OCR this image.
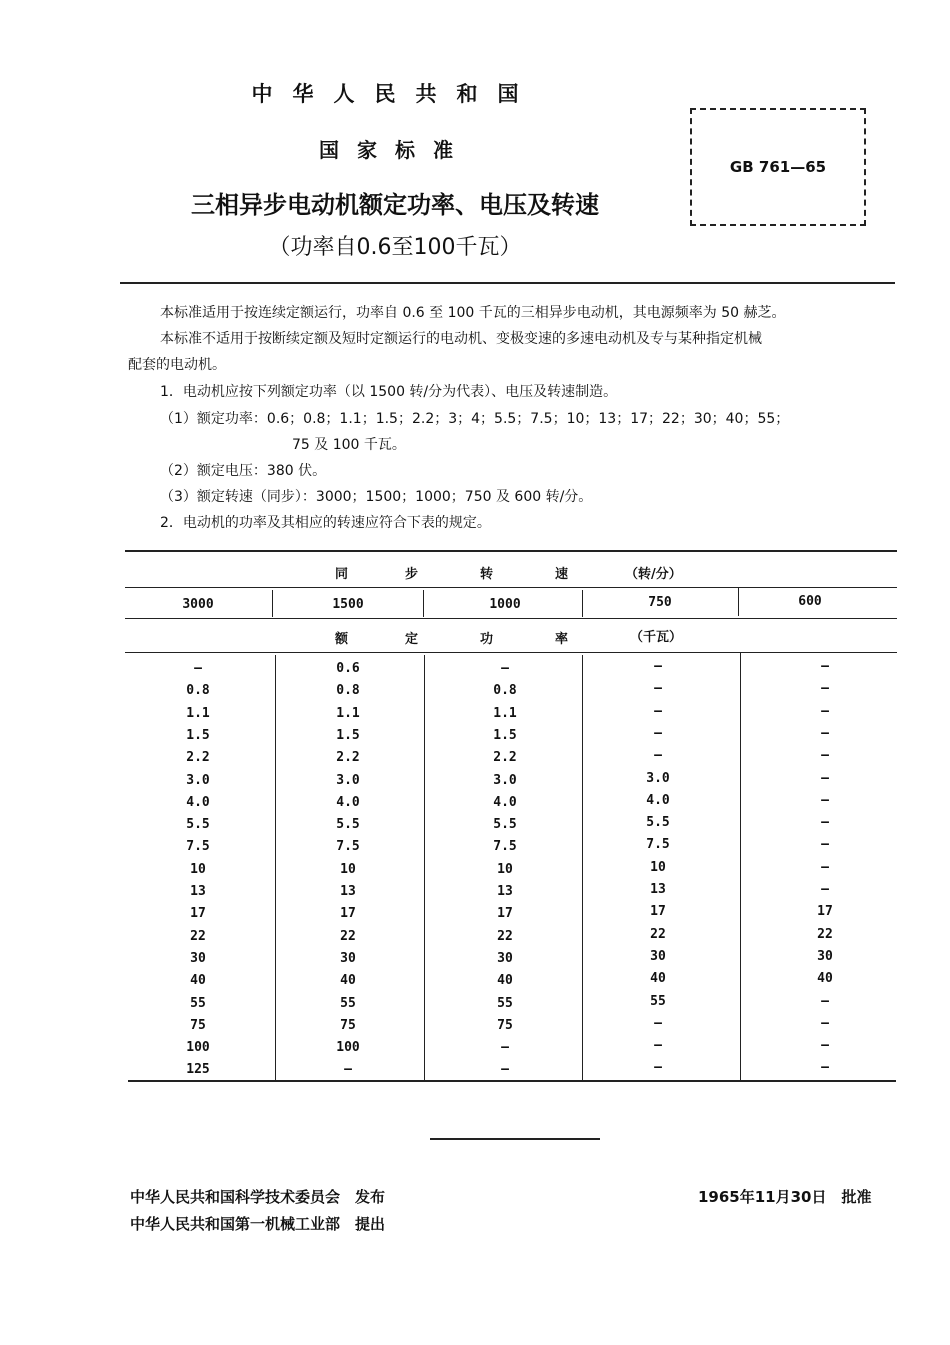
中华人民共和国
国家标准
三相异步电动机额定功率、电压及转速
（功率自0.6至100千瓦）
GB 761—65
本标准适用于按连续定额运行，功率自 0.6 至 100 千瓦的三相异步电动机，其电源频率为 50 赫芝。
本标准不适用于按断续定额及短时定额运行的电动机、变极变速的多速电动机及专与某种指定机械
配套的电动机。
1．电动机应按下列额定功率（以 1500 转/分为代表）、电压及转速制造。
（1）额定功率：0.6；0.8；1.1；1.5；2.2；3；4；5.5；7.5；10；13；17；22；30；40；55；
75 及 100 千瓦。
（2）额定电压：380 伏。
（3）额定转速（同步）：3000；1500；1000；750 及 600 转/分。
2．电动机的功率及其相应的转速应符合下表的规定。
同	步	转	速	（转/分）
3000	1500	1000	750	600
额	定	功	率	（千瓦）
—	0.6	—	—	—
0.8	0.8	0.8	—	—
1.1	1.1	1.1	—	—
1.5	1.5	1.5	—	—
2.2	2.2	2.2	—	—
3.0	3.0	3.0	3.0	—
4.0	4.0	4.0	4.0	—
5.5	5.5	5.5	5.5	—
7.5	7.5	7.5	7.5	—
10	10	10	10	—
13	13	13	13	—
17	17	17	17	17
22	22	22	22	22
30	30	30	30	30
40	40	40	40	40
55	55	55	55	—
75	75	75	—	—
100	100	—	—	—
125	—	—	—	—
中华人民共和国科学技术委员会　发布
中华人民共和国第一机械工业部　提出
1965年11月30日　批准
